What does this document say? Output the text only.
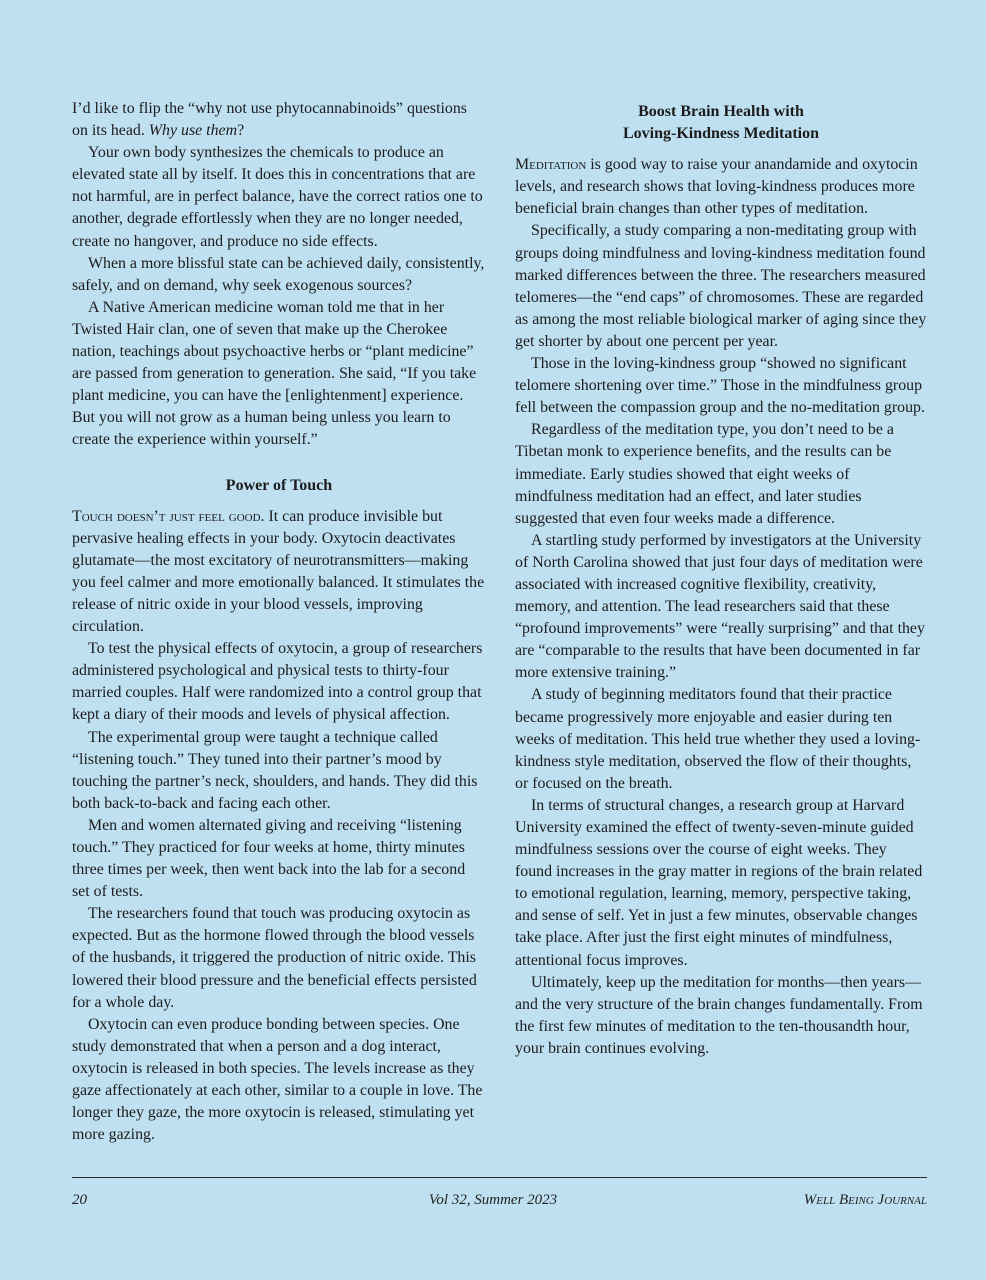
I’d like to flip the “why not use phytocannabinoids” questions on its head. Why use them?

Your own body synthesizes the chemicals to produce an elevated state all by itself. It does this in concentrations that are not harmful, are in perfect balance, have the correct ratios one to another, degrade effortlessly when they are no longer needed, create no hangover, and produce no side effects.

When a more blissful state can be achieved daily, consistently, safely, and on demand, why seek exogenous sources?

A Native American medicine woman told me that in her Twisted Hair clan, one of seven that make up the Cherokee nation, teachings about psychoactive herbs or “plant medicine” are passed from generation to generation. She said, “If you take plant medicine, you can have the [enlightenment] experience. But you will not grow as a human being unless you learn to create the experience within yourself.”

Power of Touch

Touch doesn’t just feel good. It can produce invisible but pervasive healing effects in your body. Oxytocin deactivates glutamate—the most excitatory of neurotransmitters—making you feel calmer and more emotionally balanced. It stimulates the release of nitric oxide in your blood vessels, improving circulation.

To test the physical effects of oxytocin, a group of researchers administered psychological and physical tests to thirty-four married couples. Half were randomized into a control group that kept a diary of their moods and levels of physical affection.

The experimental group were taught a technique called “listening touch.” They tuned into their partner’s mood by touching the partner’s neck, shoulders, and hands. They did this both back-to-back and facing each other.

Men and women alternated giving and receiving “listening touch.” They practiced for four weeks at home, thirty minutes three times per week, then went back into the lab for a second set of tests.

The researchers found that touch was producing oxytocin as expected. But as the hormone flowed through the blood vessels of the husbands, it triggered the production of nitric oxide. This lowered their blood pressure and the beneficial effects persisted for a whole day.

Oxytocin can even produce bonding between species. One study demonstrated that when a person and a dog interact, oxytocin is released in both species. The levels increase as they gaze affectionately at each other, similar to a couple in love. The longer they gaze, the more oxytocin is released, stimulating yet more gazing.

Boost Brain Health with
Loving-Kindness Meditation

Meditation is good way to raise your anandamide and oxytocin levels, and research shows that loving-kindness produces more beneficial brain changes than other types of meditation.

Specifically, a study comparing a non-meditating group with groups doing mindfulness and loving-kindness meditation found marked differences between the three. The researchers measured telomeres—the “end caps” of chromosomes. These are regarded as among the most reliable biological marker of aging since they get shorter by about one percent per year.

Those in the loving-kindness group “showed no significant telomere shortening over time.” Those in the mindfulness group fell between the compassion group and the no-meditation group.

Regardless of the meditation type, you don’t need to be a Tibetan monk to experience benefits, and the results can be immediate. Early studies showed that eight weeks of mindfulness meditation had an effect, and later studies suggested that even four weeks made a difference.

A startling study performed by investigators at the University of North Carolina showed that just four days of meditation were associated with increased cognitive flexibility, creativity, memory, and attention. The lead researchers said that these “profound improvements” were “really surprising” and that they are “comparable to the results that have been documented in far more extensive training.”

A study of beginning meditators found that their practice became progressively more enjoyable and easier during ten weeks of meditation. This held true whether they used a loving-kindness style meditation, observed the flow of their thoughts, or focused on the breath.

In terms of structural changes, a research group at Harvard University examined the effect of twenty-seven-minute guided mindfulness sessions over the course of eight weeks. They found increases in the gray matter in regions of the brain related to emotional regulation, learning, memory, perspective taking, and sense of self. Yet in just a few minutes, observable changes take place. After just the first eight minutes of mindfulness, attentional focus improves.

Ultimately, keep up the meditation for months—then years—and the very structure of the brain changes fundamentally. From the first few minutes of meditation to the ten-thousandth hour, your brain continues evolving.

20	Vol 32, Summer 2023	Well Being Journal
